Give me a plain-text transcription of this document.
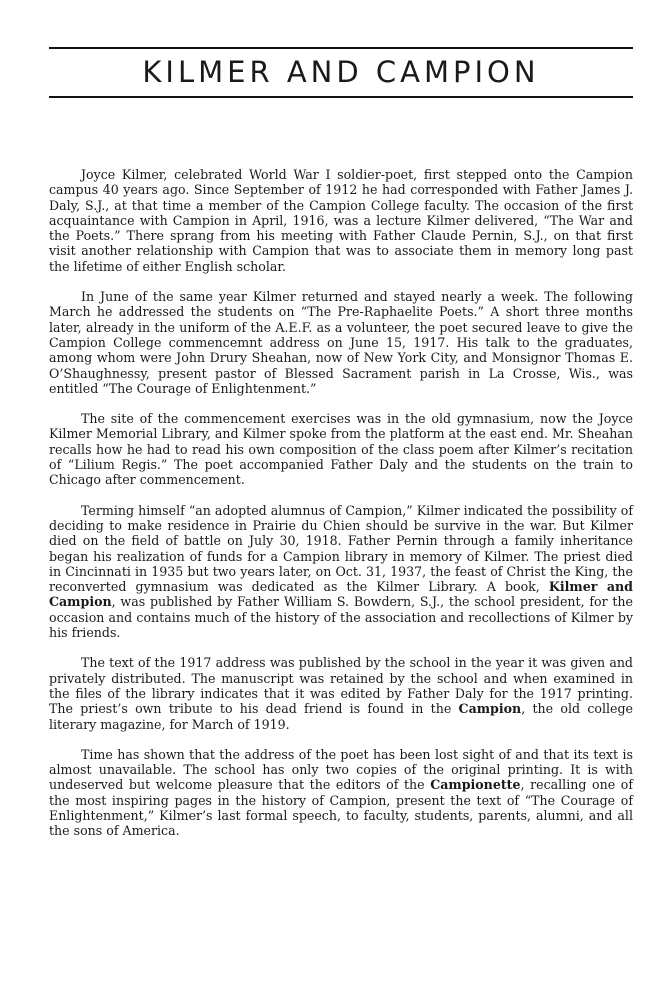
KILMER AND CAMPION

Joyce Kilmer, celebrated World War I soldier-poet, first stepped onto the Campion campus 40 years ago. Since September of 1912 he had corresponded with Father James J. Daly, S.J., at that time a member of the Campion College faculty. The occasion of the first acquaintance with Campion in April, 1916, was a lecture Kilmer delivered, “The War and the Poets.” There sprang from his meeting with Father Claude Pernin, S.J., on that first visit another relationship with Campion that was to associate them in memory long past the lifetime of either English scholar.

In June of the same year Kilmer returned and stayed nearly a week. The following March he addressed the students on “The Pre-Raphaelite Poets.” A short three months later, already in the uniform of the A.E.F. as a volunteer, the poet secured leave to give the Campion College commencemnt address on June 15, 1917. His talk to the graduates, among whom were John Drury Sheahan, now of New York City, and Monsignor Thomas E. O’Shaughnessy, present pastor of Blessed Sacrament parish in La Crosse, Wis., was entitled “The Courage of Enlightenment.”

The site of the commencement exercises was in the old gymnasium, now the Joyce Kilmer Memorial Library, and Kilmer spoke from the platform at the east end. Mr. Sheahan recalls how he had to read his own composition of the class poem after Kilmer’s recitation of “Lilium Regis.” The poet accompanied Father Daly and the students on the train to Chicago after commencement.

Terming himself “an adopted alumnus of Campion,” Kilmer indicated the possibility of deciding to make residence in Prairie du Chien should be survive in the war. But Kilmer died on the field of battle on July 30, 1918. Father Pernin through a family inheritance began his realization of funds for a Campion library in memory of Kilmer. The priest died in Cincinnati in 1935 but two years later, on Oct. 31, 1937, the feast of Christ the King, the reconverted gymnasium was dedicated as the Kilmer Library. A book, Kilmer and Campion, was published by Father William S. Bowdern, S.J., the school president, for the occasion and contains much of the history of the association and recollections of Kilmer by his friends.

The text of the 1917 address was published by the school in the year it was given and privately distributed. The manuscript was retained by the school and when examined in the files of the library indicates that it was edited by Father Daly for the 1917 printing. The priest’s own tribute to his dead friend is found in the Campion, the old college literary magazine, for March of 1919.

Time has shown that the address of the poet has been lost sight of and that its text is almost unavailable. The school has only two copies of the original printing. It is with undeserved but welcome pleasure that the editors of the Campionette, recalling one of the most inspiring pages in the history of Campion, present the text of “The Courage of Enlightenment,” Kilmer’s last formal speech, to faculty, students, parents, alumni, and all the sons of America.
